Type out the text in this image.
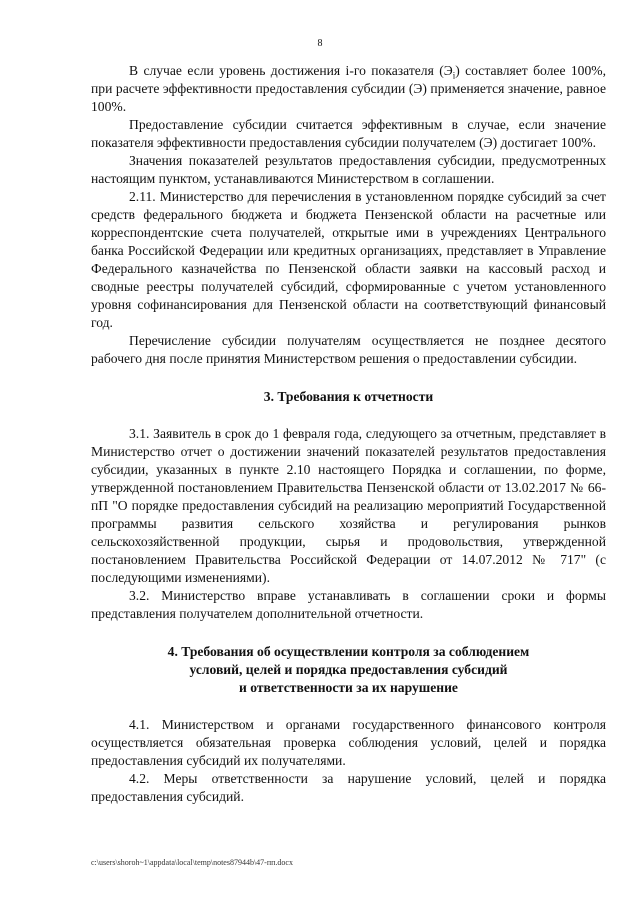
8

В случае если уровень достижения i-го показателя $(Э_i)$ составляет более 100%, при расчете эффективности предоставления субсидии (Э) применяется значение, равное 100%.

Предоставление субсидии считается эффективным в случае, если значение показателя эффективности предоставления субсидии получателем (Э) достигает 100%.

Значения показателей результатов предоставления субсидии, предусмотренных настоящим пунктом, устанавливаются Министерством в соглашении.

2.11. Министерство для перечисления в установленном порядке субсидий за счет средств федерального бюджета и бюджета Пензенской области на расчетные или корреспондентские счета получателей, открытые ими в учреждениях Центрального банка Российской Федерации или кредитных организациях, представляет в Управление Федерального казначейства по Пензенской области заявки на кассовый расход и сводные реестры получателей субсидий, сформированные с учетом установленного уровня софинансирования для Пензенской области на соответствующий финансовый год.

Перечисление субсидии получателям осуществляется не позднее десятого рабочего дня после принятия Министерством решения о предоставлении субсидии.

3. Требования к отчетности

3.1. Заявитель в срок до 1 февраля года, следующего за отчетным, представляет в Министерство отчет о достижении значений показателей результатов предоставления субсидии, указанных в пункте 2.10 настоящего Порядка и соглашении, по форме, утвержденной постановлением Правительства Пензенской области от 13.02.2017 № 66-пП "О порядке предоставления субсидий на реализацию мероприятий Государственной программы развития сельского хозяйства и регулирования рынков сельскохозяйственной продукции, сырья и продовольствия, утвержденной постановлением Правительства Российской Федерации от 14.07.2012 № 717" (с последующими изменениями).

3.2. Министерство вправе устанавливать в соглашении сроки и формы представления получателем дополнительной отчетности.

4. Требования об осуществлении контроля за соблюдением
условий, целей и порядка предоставления субсидий
и ответственности за их нарушение

4.1. Министерством и органами государственного финансового контроля осуществляется обязательная проверка соблюдения условий, целей и порядка предоставления субсидий их получателями.

4.2. Меры ответственности за нарушение условий, целей и порядка предоставления субсидий.

c:\users\shoroh~1\appdata\local\temp\notes87944b\47-пп.docx
